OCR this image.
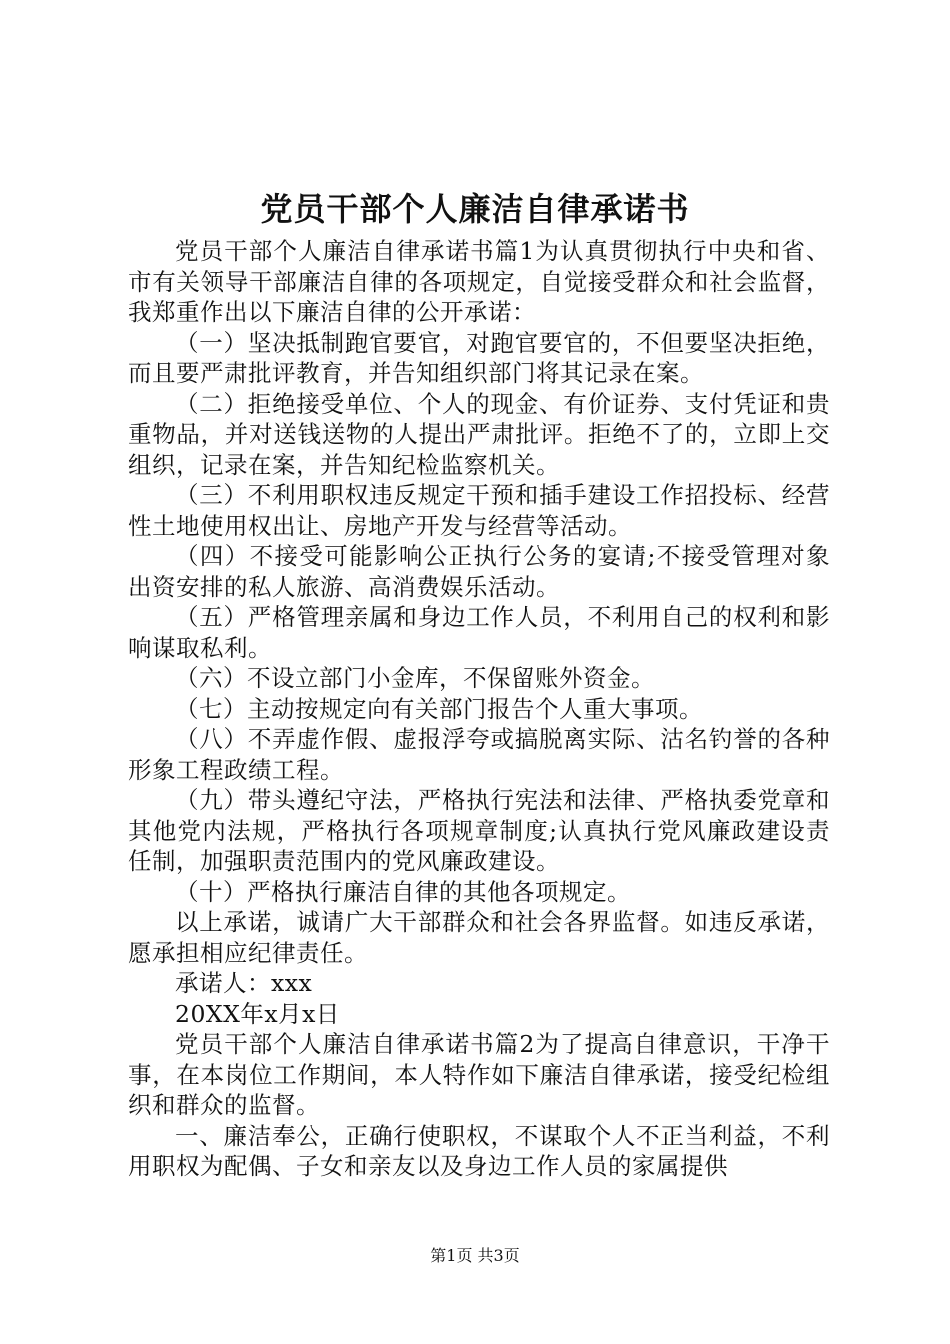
党员干部个人廉洁自律承诺书

党员干部个人廉洁自律承诺书篇1为认真贯彻执行中央和省、市有关领导干部廉洁自律的各项规定，自觉接受群众和社会监督，我郑重作出以下廉洁自律的公开承诺：

（一）坚决抵制跑官要官，对跑官要官的，不但要坚决拒绝，而且要严肃批评教育，并告知组织部门将其记录在案。

（二）拒绝接受单位、个人的现金、有价证券、支付凭证和贵重物品，并对送钱送物的人提出严肃批评。拒绝不了的，立即上交组织，记录在案，并告知纪检监察机关。

（三）不利用职权违反规定干预和插手建设工作招投标、经营性土地使用权出让、房地产开发与经营等活动。

（四）不接受可能影响公正执行公务的宴请;不接受管理对象出资安排的私人旅游、高消费娱乐活动。

（五）严格管理亲属和身边工作人员，不利用自己的权利和影响谋取私利。

（六）不设立部门小金库，不保留账外资金。

（七）主动按规定向有关部门报告个人重大事项。

（八）不弄虚作假、虚报浮夸或搞脱离实际、沽名钓誉的各种形象工程政绩工程。

（九）带头遵纪守法，严格执行宪法和法律、严格执委党章和其他党内法规，严格执行各项规章制度;认真执行党风廉政建设责任制，加强职责范围内的党风廉政建设。

（十）严格执行廉洁自律的其他各项规定。

以上承诺，诚请广大干部群众和社会各界监督。如违反承诺，愿承担相应纪律责任。

承诺人：xxx

20XX年x月x日

党员干部个人廉洁自律承诺书篇2为了提高自律意识，干净干事，在本岗位工作期间，本人特作如下廉洁自律承诺，接受纪检组织和群众的监督。

一、廉洁奉公，正确行使职权，不谋取个人不正当利益，不利用职权为配偶、子女和亲友以及身边工作人员的家属提供

第1页 共3页
